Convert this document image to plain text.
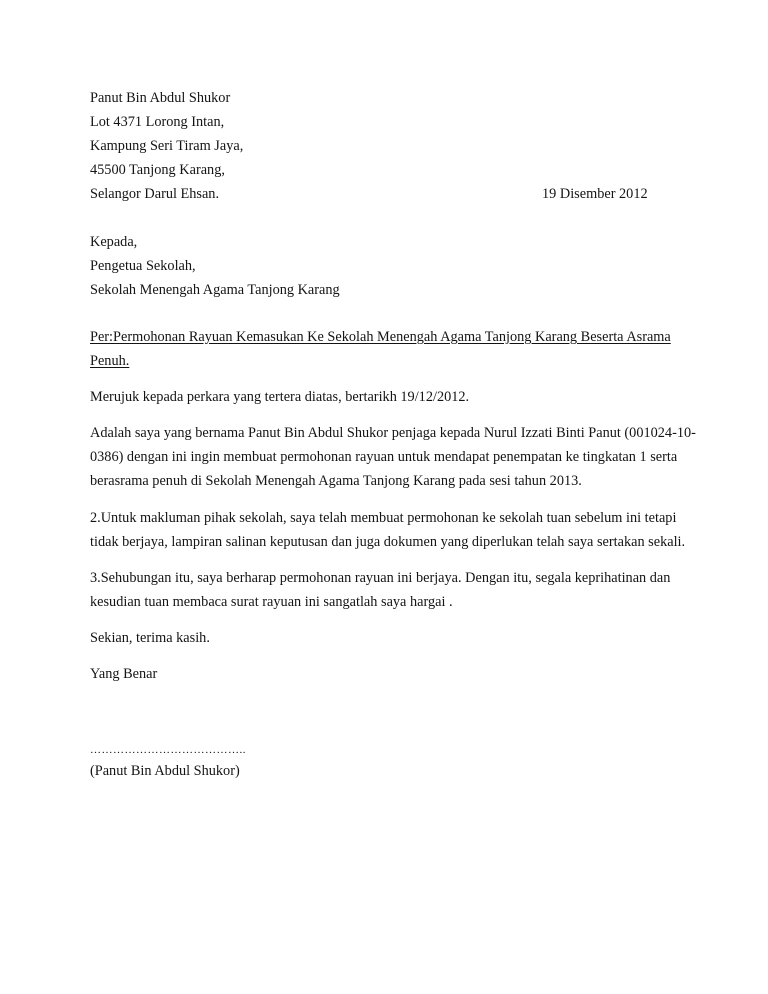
Panut Bin Abdul Shukor
Lot 4371 Lorong Intan,
Kampung Seri Tiram Jaya,
45500 Tanjong Karang,
Selangor Darul Ehsan.	19 Disember 2012
Kepada,
Pengetua Sekolah,
Sekolah Menengah Agama Tanjong Karang
Per:Permohonan Rayuan Kemasukan Ke Sekolah Menengah Agama Tanjong Karang Beserta Asrama
Penuh.
Merujuk kepada perkara yang tertera diatas, bertarikh 19/12/2012.
Adalah saya yang bernama Panut Bin Abdul Shukor penjaga kepada Nurul Izzati Binti Panut (001024-10-
0386) dengan ini ingin membuat permohonan rayuan untuk mendapat penempatan ke tingkatan 1 serta
berasrama penuh di Sekolah Menengah Agama Tanjong Karang pada sesi tahun 2013.
2.Untuk makluman pihak sekolah, saya telah membuat permohonan ke sekolah tuan sebelum ini tetapi
tidak berjaya, lampiran salinan keputusan dan juga dokumen yang diperlukan telah saya sertakan sekali.
3.Sehubungan itu, saya berharap permohonan rayuan ini berjaya. Dengan itu, segala keprihatinan dan
kesudian tuan membaca surat rayuan ini sangatlah saya hargai .
Sekian, terima kasih.
Yang Benar
…………………………………..
(Panut Bin Abdul Shukor)
